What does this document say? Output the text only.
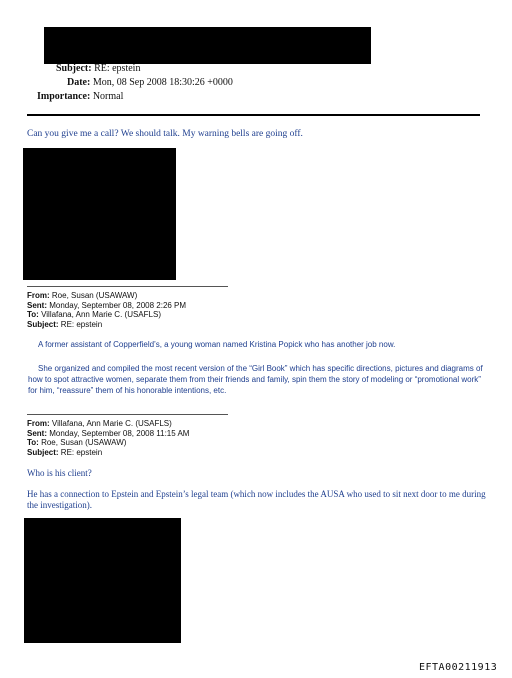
Subject: RE: epstein
Date: Mon, 08 Sep 2008 18:30:26 +0000
Importance: Normal
Can you give me a call? We should talk. My warning bells are going off.
From: Roe, Susan (USAWAW)
Sent: Monday, September 08, 2008 2:26 PM
To: Villafana, Ann Marie C. (USAFLS)
Subject: RE: epstein
A former assistant of Copperfield’s, a young woman named Kristina Popick who has another job now.
She organized and compiled the most recent version of the “Girl Book” which has specific directions, pictures and diagrams of how to spot attractive women, separate them from their friends and family, spin them the story of modeling or “promotional work” for him, “reassure” them of his honorable intentions, etc.
From: Villafana, Ann Marie C. (USAFLS)
Sent: Monday, September 08, 2008 11:15 AM
To: Roe, Susan (USAWAW)
Subject: RE: epstein
Who is his client?
He has a connection to Epstein and Epstein’s legal team (which now includes the AUSA who used to sit next door to me during the investigation).
EFTA00211913
